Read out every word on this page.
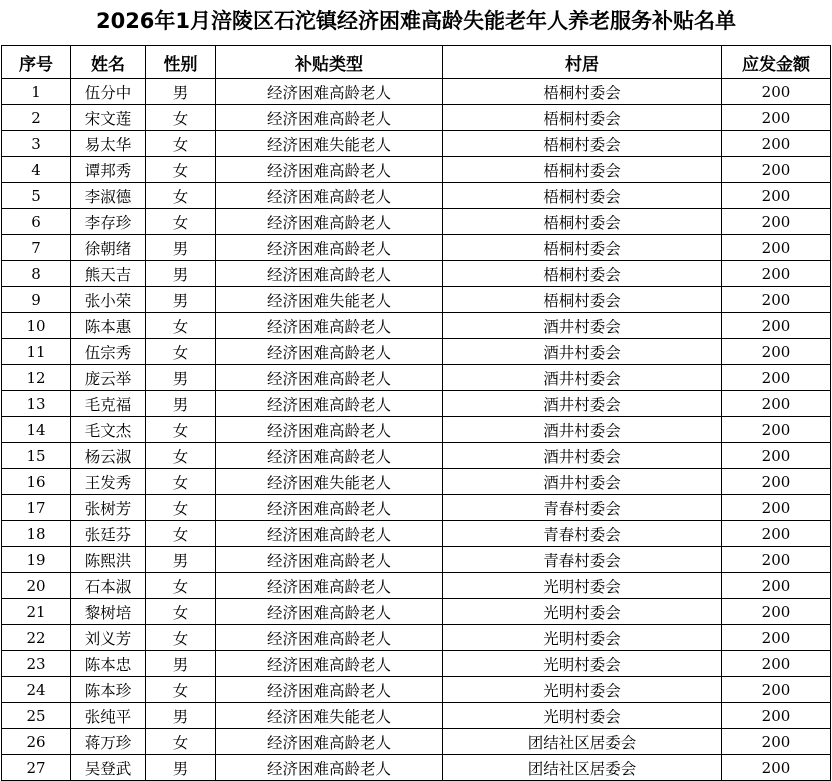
2026年1月涪陵区石沱镇经济困难高龄失能老年人养老服务补贴名单
序号	姓名	性别	补贴类型	村居	应发金额
1	伍分中	男	经济困难高龄老人	梧桐村委会	200
2	宋文莲	女	经济困难高龄老人	梧桐村委会	200
3	易太华	女	经济困难失能老人	梧桐村委会	200
4	谭邦秀	女	经济困难高龄老人	梧桐村委会	200
5	李淑德	女	经济困难高龄老人	梧桐村委会	200
6	李存珍	女	经济困难高龄老人	梧桐村委会	200
7	徐朝绪	男	经济困难高龄老人	梧桐村委会	200
8	熊天吉	男	经济困难高龄老人	梧桐村委会	200
9	张小荣	男	经济困难失能老人	梧桐村委会	200
10	陈本惠	女	经济困难高龄老人	酒井村委会	200
11	伍宗秀	女	经济困难高龄老人	酒井村委会	200
12	庞云举	男	经济困难高龄老人	酒井村委会	200
13	毛克福	男	经济困难高龄老人	酒井村委会	200
14	毛文杰	女	经济困难高龄老人	酒井村委会	200
15	杨云淑	女	经济困难高龄老人	酒井村委会	200
16	王发秀	女	经济困难失能老人	酒井村委会	200
17	张树芳	女	经济困难高龄老人	青春村委会	200
18	张廷芬	女	经济困难高龄老人	青春村委会	200
19	陈熙洪	男	经济困难高龄老人	青春村委会	200
20	石本淑	女	经济困难高龄老人	光明村委会	200
21	黎树培	女	经济困难高龄老人	光明村委会	200
22	刘义芳	女	经济困难高龄老人	光明村委会	200
23	陈本忠	男	经济困难高龄老人	光明村委会	200
24	陈本珍	女	经济困难高龄老人	光明村委会	200
25	张纯平	男	经济困难失能老人	光明村委会	200
26	蒋万珍	女	经济困难高龄老人	团结社区居委会	200
27	吴登武	男	经济困难高龄老人	团结社区居委会	200
